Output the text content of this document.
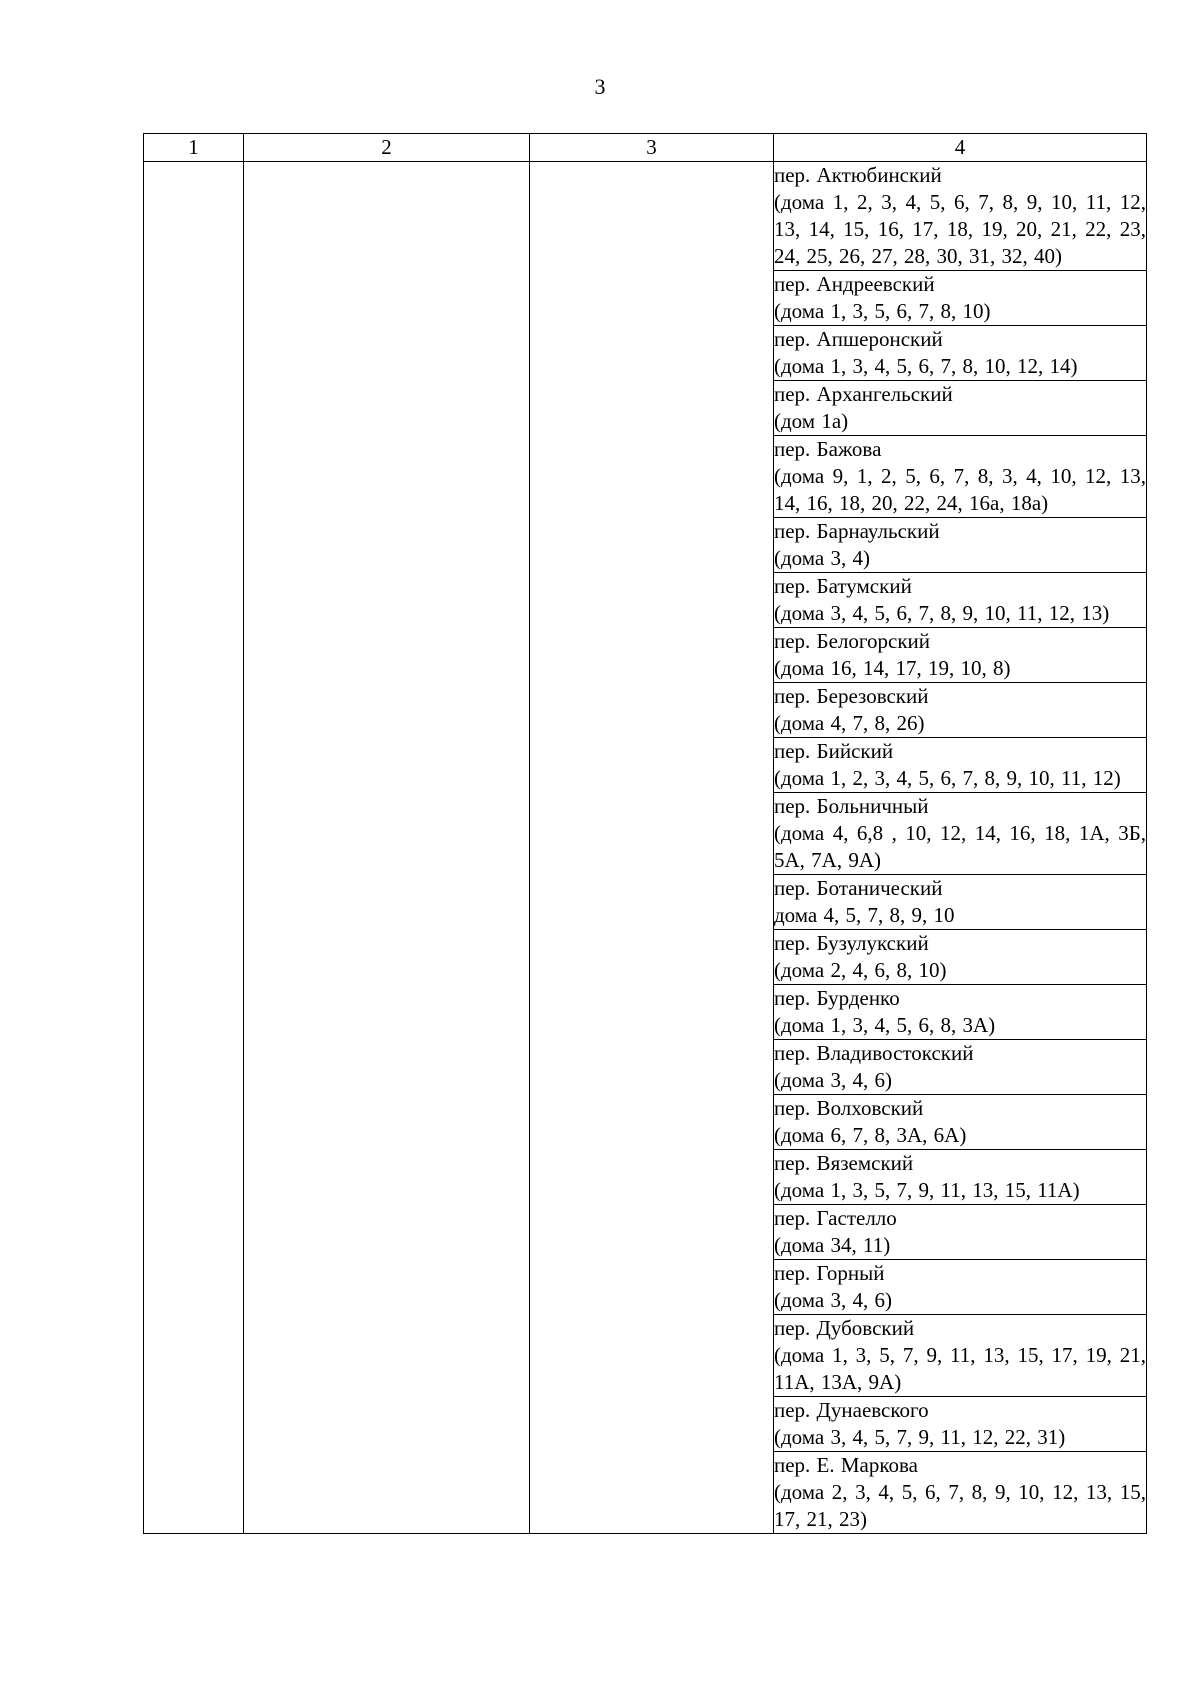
3
1	2	3	4

			пер. Актюбинский
(дома 1, 2, 3, 4, 5, 6, 7, 8, 9, 10, 11, 12, 13, 14, 15, 16, 17, 18, 19, 20, 21, 22, 23, 24, 25, 26, 27, 28, 30, 31, 32, 40)

			пер. Андреевский
(дома 1, 3, 5, 6, 7, 8, 10)

			пер. Апшеронский
(дома 1, 3, 4, 5, 6, 7, 8, 10, 12, 14)

			пер. Архангельский
(дом 1а)

			пер. Бажова
(дома 9, 1, 2, 5, 6, 7, 8, 3, 4, 10, 12, 13, 14, 16, 18, 20, 22, 24, 16а, 18а)

			пер. Барнаульский
(дома 3, 4)

			пер. Батумский
(дома 3, 4, 5, 6, 7, 8, 9, 10, 11, 12, 13)

			пер. Белогорский
(дома 16, 14, 17, 19, 10, 8)

			пер. Березовский
(дома 4, 7, 8, 26)

			пер. Бийский
(дома 1, 2, 3, 4, 5, 6, 7, 8, 9, 10, 11, 12)

			пер. Больничный
(дома 4, 6,8 , 10, 12, 14, 16, 18, 1А, 3Б, 5А, 7А, 9А)

			пер. Ботанический
дома 4, 5, 7, 8, 9, 10

			пер. Бузулукский
(дома 2, 4, 6, 8, 10)

			пер. Бурденко
(дома 1, 3, 4, 5, 6, 8, 3А)

			пер. Владивостокский
(дома 3, 4, 6)

			пер. Волховский
(дома 6, 7, 8, 3А, 6А)

			пер. Вяземский
(дома 1, 3, 5, 7, 9, 11, 13, 15, 11А)

			пер. Гастелло
(дома 34, 11)

			пер. Горный
(дома 3, 4, 6)

			пер. Дубовский
(дома 1, 3, 5, 7, 9, 11, 13, 15, 17, 19, 21, 11А, 13А, 9А)

			пер. Дунаевского
(дома 3, 4, 5, 7, 9, 11, 12, 22, 31)

			пер. Е. Маркова
(дома 2, 3, 4, 5, 6, 7, 8, 9, 10, 12, 13, 15, 17, 21, 23)
